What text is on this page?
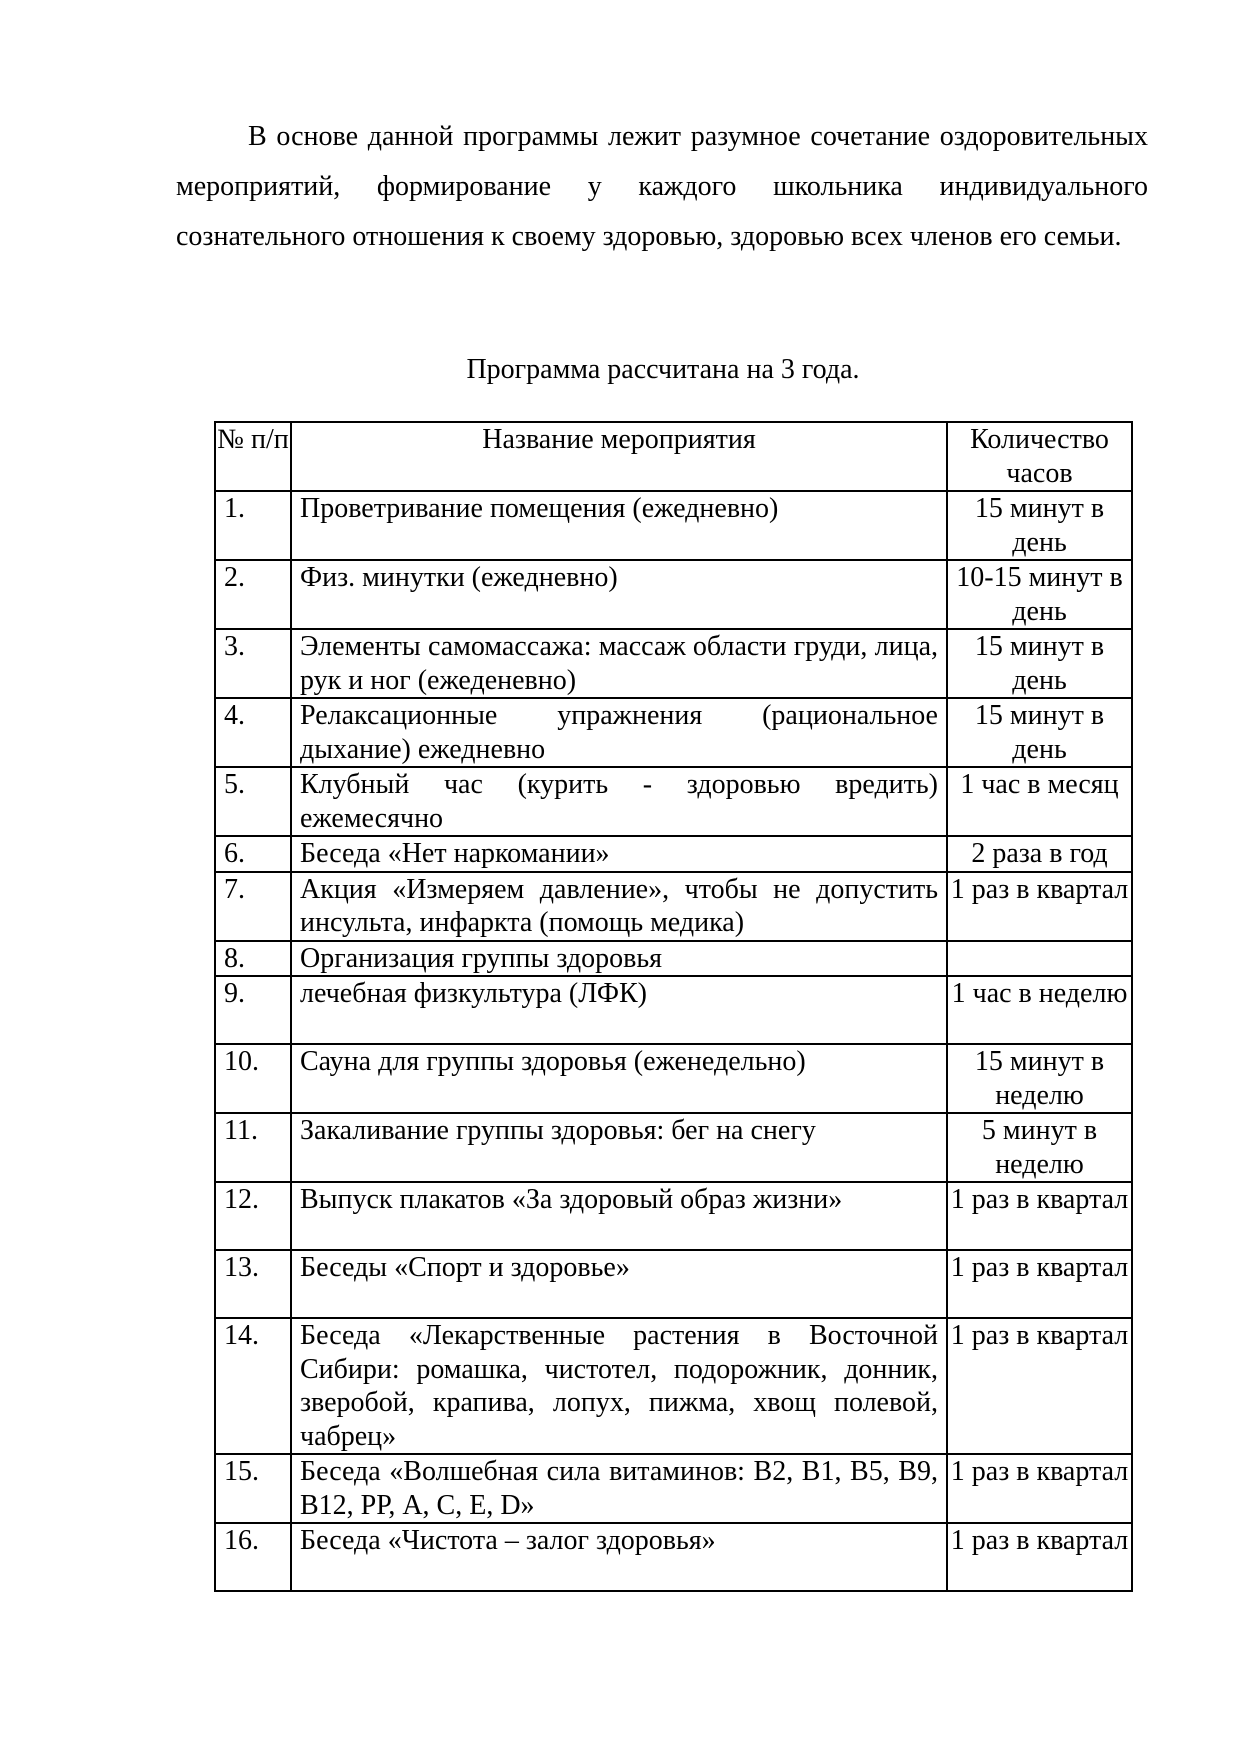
В основе данной программы лежит разумное сочетание оздоровительных мероприятий, формирование у каждого школьника индивидуального сознательного отношения к своему здоровью, здоровью всех членов его семьи.

Программа рассчитана на 3 года.
№ п/п	Название мероприятия	Количество часов
1.	Проветривание помещения (ежедневно)	15 минут в день
2.	Физ. минутки (ежедневно)	10-15 минут в день
3.	Элементы самомассажа: массаж области груди, лица, рук и ног (ежеденевно)	15 минут в день
4.	Релаксационные упражнения (рациональное дыхание) ежедневно	15 минут в день
5.	Клубный час (курить - здоровью вредить) ежемесячно	1 час в месяц
6.	Беседа «Нет наркомании»	2 раза в год
7.	Акция «Измеряем давление», чтобы не допустить инсульта, инфаркта (помощь медика)	1 раз в квартал
8.	Организация группы здоровья	
9.	лечебная физкультура (ЛФК)	1 час в неделю
10.	Сауна для группы здоровья (еженедельно)	15 минут в неделю
11.	Закаливание группы здоровья: бег на снегу	5 минут в неделю
12.	Выпуск плакатов «За здоровый образ жизни»	1 раз в квартал
13.	Беседы «Спорт и здоровье»	1 раз в квартал
14.	Беседа «Лекарственные растения в Восточной Сибири: ромашка, чистотел, подорожник, донник, зверобой, крапива, лопух, пижма, хвощ полевой, чабрец»	1 раз в квартал
15.	Беседа «Волшебная сила витаминов: В2, В1, В5, В9, В12, РР, А, С, Е, D»	1 раз в квартал
16.	Беседа «Чистота – залог здоровья»	1 раз в квартал
